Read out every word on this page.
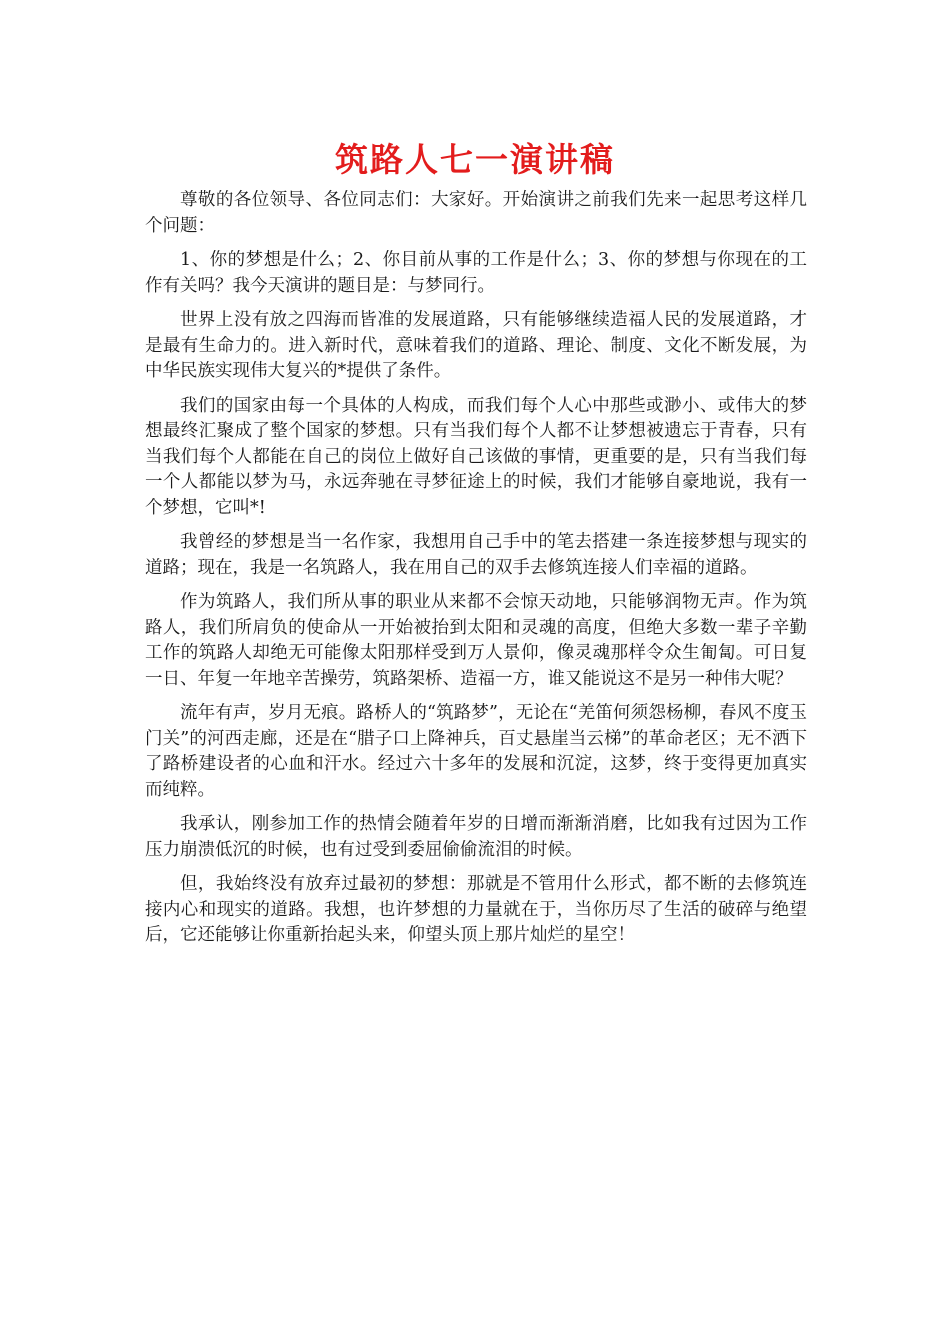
筑路人七一演讲稿

尊敬的各位领导、各位同志们：大家好。开始演讲之前我们先来一起思考这样几个问题：

1、你的梦想是什么；2、你目前从事的工作是什么；3、你的梦想与你现在的工作有关吗？我今天演讲的题目是：与梦同行。

世界上没有放之四海而皆准的发展道路，只有能够继续造福人民的发展道路，才是最有生命力的。进入新时代，意味着我们的道路、理论、制度、文化不断发展，为中华民族实现伟大复兴的*提供了条件。

我们的国家由每一个具体的人构成，而我们每个人心中那些或渺小、或伟大的梦想最终汇聚成了整个国家的梦想。只有当我们每个人都不让梦想被遗忘于青春，只有当我们每个人都能在自己的岗位上做好自己该做的事情，更重要的是，只有当我们每一个人都能以梦为马，永远奔驰在寻梦征途上的时候，我们才能够自豪地说，我有一个梦想，它叫*!

我曾经的梦想是当一名作家，我想用自己手中的笔去搭建一条连接梦想与现实的道路；现在，我是一名筑路人，我在用自己的双手去修筑连接人们幸福的道路。

作为筑路人，我们所从事的职业从来都不会惊天动地，只能够润物无声。作为筑路人，我们所肩负的使命从一开始被抬到太阳和灵魂的高度，但绝大多数一辈子辛勤工作的筑路人却绝无可能像太阳那样受到万人景仰，像灵魂那样令众生匍匐。可日复一日、年复一年地辛苦操劳，筑路架桥、造福一方，谁又能说这不是另一种伟大呢？

流年有声，岁月无痕。路桥人的“筑路梦”，无论在“羌笛何须怨杨柳，春风不度玉门关”的河西走廊，还是在“腊子口上降神兵，百丈悬崖当云梯”的革命老区；无不洒下了路桥建设者的心血和汗水。经过六十多年的发展和沉淀，这梦，终于变得更加真实而纯粹。

我承认，刚参加工作的热情会随着年岁的日增而渐渐消磨，比如我有过因为工作压力崩溃低沉的时候，也有过受到委屈偷偷流泪的时候。

但，我始终没有放弃过最初的梦想：那就是不管用什么形式，都不断的去修筑连接内心和现实的道路。我想，也许梦想的力量就在于，当你历尽了生活的破碎与绝望后，它还能够让你重新抬起头来，仰望头顶上那片灿烂的星空！
